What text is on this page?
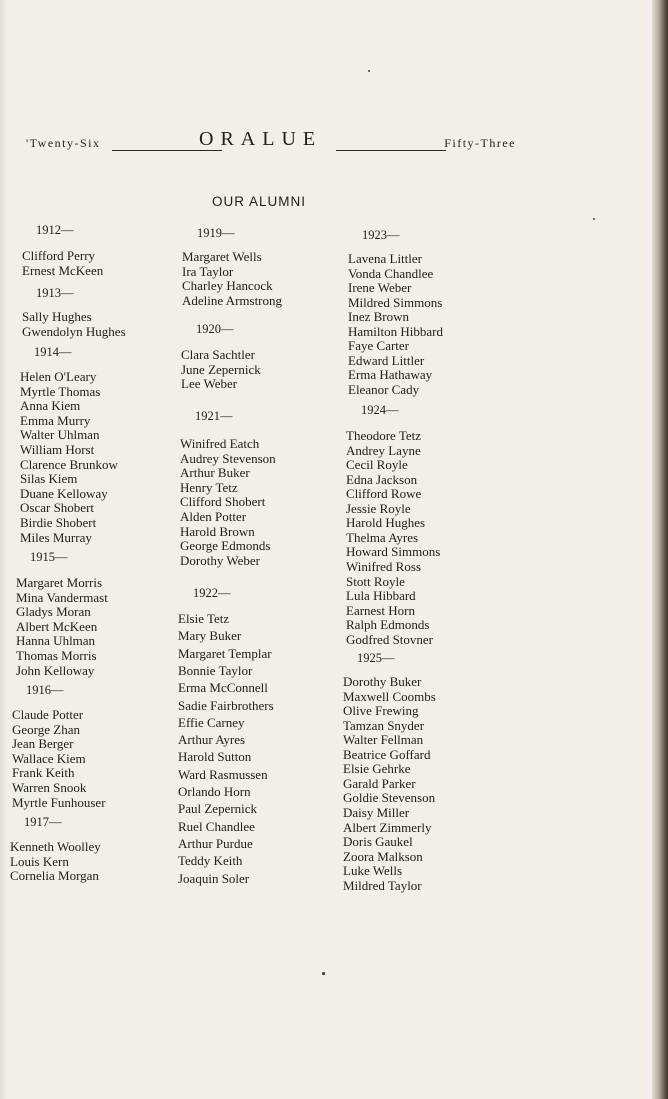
'Twenty-Six	ORALUE	Fifty-Three
OUR ALUMNI
1912—
Clifford Perry
Ernest McKeen
1913—
Sally Hughes
Gwendolyn Hughes
1914—
Helen O'Leary
Myrtle Thomas
Anna Kiem
Emma Murry
Walter Uhlman
William Horst
Clarence Brunkow
Silas Kiem
Duane Kelloway
Oscar Shobert
Birdie Shobert
Miles Murray
1915—
Margaret Morris
Mina Vandermast
Gladys Moran
Albert McKeen
Hanna Uhlman
Thomas Morris
John Kelloway
1916—
Claude Potter
George Zhan
Jean Berger
Wallace Kiem
Frank Keith
Warren Snook
Myrtle Funhouser
1917—
Kenneth Woolley
Louis Kern
Cornelia Morgan
1919—
Margaret Wells
Ira Taylor
Charley Hancock
Adeline Armstrong
1920—
Clara Sachtler
June Zepernick
Lee Weber
1921—
Winifred Eatch
Audrey Stevenson
Arthur Buker
Henry Tetz
Clifford Shobert
Alden Potter
Harold Brown
George Edmonds
Dorothy Weber
1922—
Elsie Tetz
Mary Buker
Margaret Templar
Bonnie Taylor
Erma McConnell
Sadie Fairbrothers
Effie Carney
Arthur Ayres
Harold Sutton
Ward Rasmussen
Orlando Horn
Paul Zepernick
Ruel Chandlee
Arthur Purdue
Teddy Keith
Joaquin Soler
1923—
Lavena Littler
Vonda Chandlee
Irene Weber
Mildred Simmons
Inez Brown
Hamilton Hibbard
Faye Carter
Edward Littler
Erma Hathaway
Eleanor Cady
1924—
Theodore Tetz
Andrey Layne
Cecil Royle
Edna Jackson
Clifford Rowe
Jessie Royle
Harold Hughes
Thelma Ayres
Howard Simmons
Winifred Ross
Stott Royle
Lula Hibbard
Earnest Horn
Ralph Edmonds
Godfred Stovner
1925—
Dorothy Buker
Maxwell Coombs
Olive Frewing
Tamzan Snyder
Walter Fellman
Beatrice Goffard
Elsie Gehrke
Garald Parker
Goldie Stevenson
Daisy Miller
Albert Zimmerly
Doris Gaukel
Zoora Malkson
Luke Wells
Mildred Taylor
